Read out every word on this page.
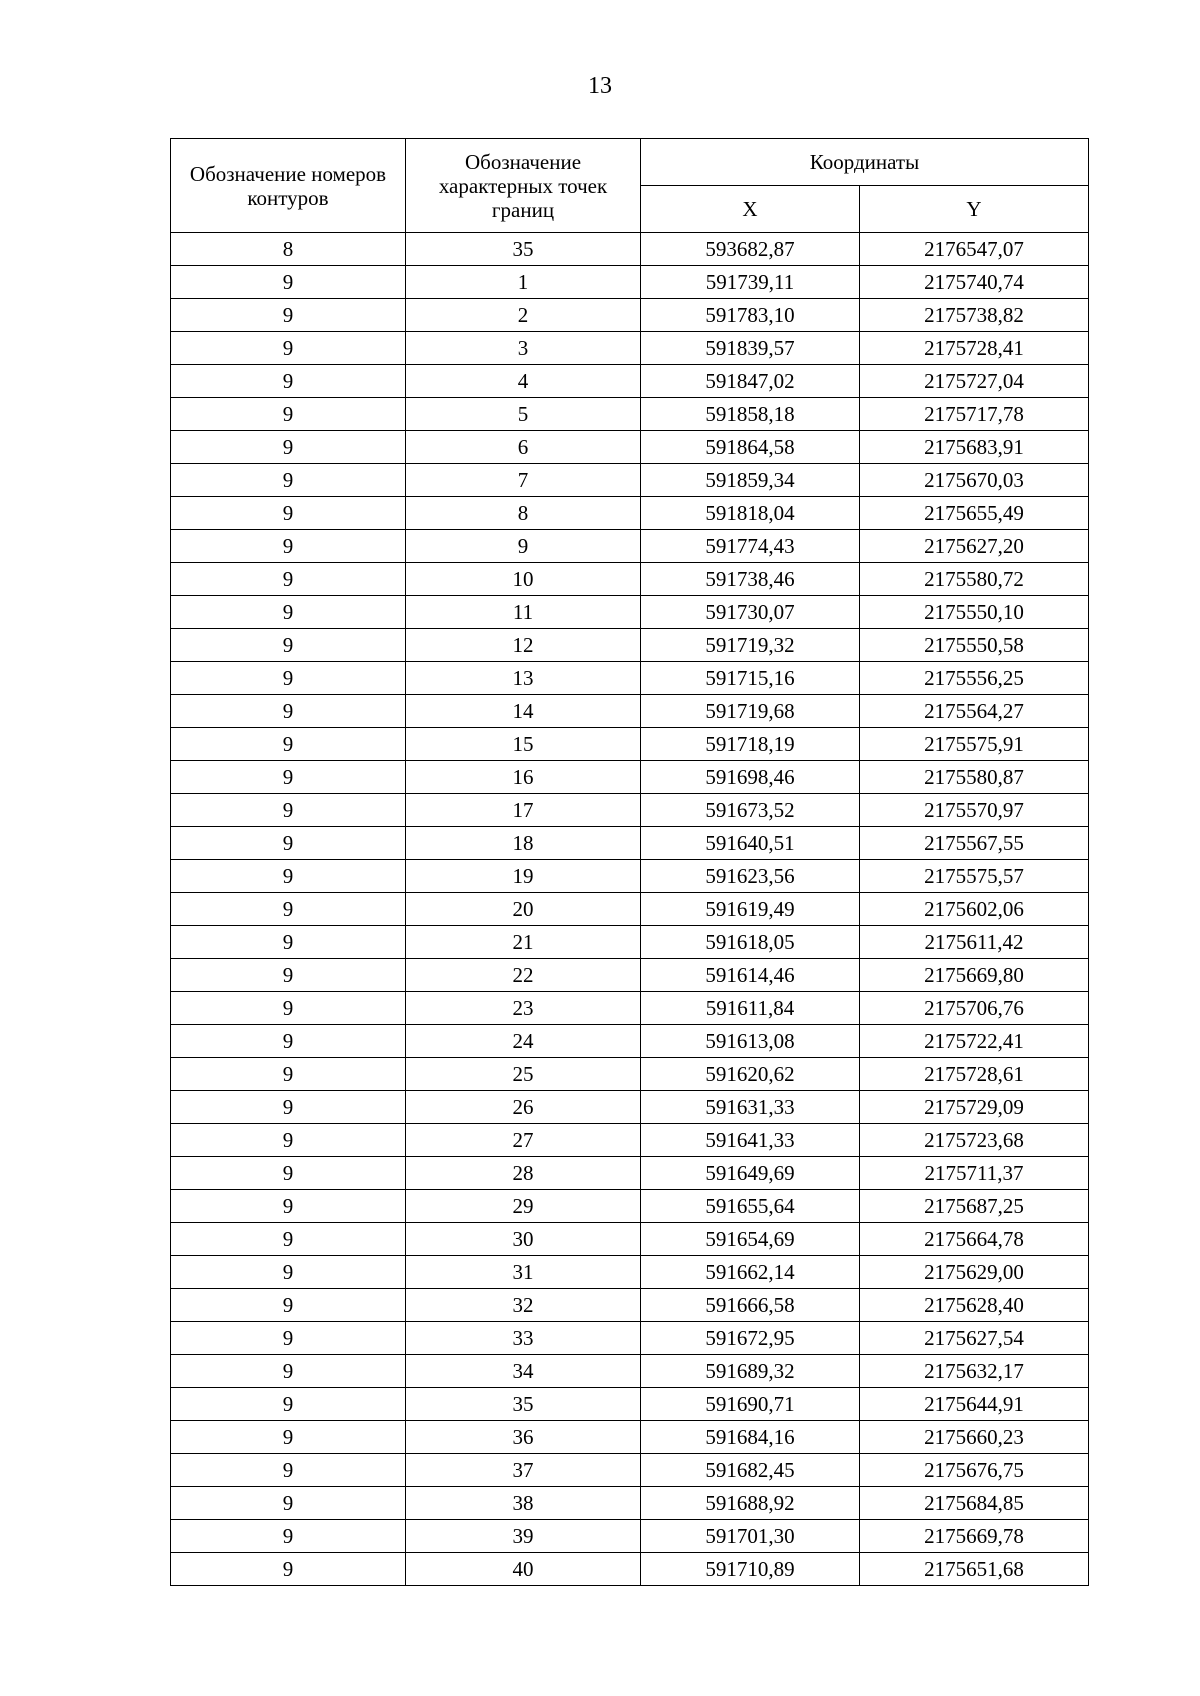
13
Обозначение номеров контуров	Обозначение характерных точек границ	Координаты	
		X	Y
8	35	593682,87	2176547,07
9	1	591739,11	2175740,74
9	2	591783,10	2175738,82
9	3	591839,57	2175728,41
9	4	591847,02	2175727,04
9	5	591858,18	2175717,78
9	6	591864,58	2175683,91
9	7	591859,34	2175670,03
9	8	591818,04	2175655,49
9	9	591774,43	2175627,20
9	10	591738,46	2175580,72
9	11	591730,07	2175550,10
9	12	591719,32	2175550,58
9	13	591715,16	2175556,25
9	14	591719,68	2175564,27
9	15	591718,19	2175575,91
9	16	591698,46	2175580,87
9	17	591673,52	2175570,97
9	18	591640,51	2175567,55
9	19	591623,56	2175575,57
9	20	591619,49	2175602,06
9	21	591618,05	2175611,42
9	22	591614,46	2175669,80
9	23	591611,84	2175706,76
9	24	591613,08	2175722,41
9	25	591620,62	2175728,61
9	26	591631,33	2175729,09
9	27	591641,33	2175723,68
9	28	591649,69	2175711,37
9	29	591655,64	2175687,25
9	30	591654,69	2175664,78
9	31	591662,14	2175629,00
9	32	591666,58	2175628,40
9	33	591672,95	2175627,54
9	34	591689,32	2175632,17
9	35	591690,71	2175644,91
9	36	591684,16	2175660,23
9	37	591682,45	2175676,75
9	38	591688,92	2175684,85
9	39	591701,30	2175669,78
9	40	591710,89	2175651,68
